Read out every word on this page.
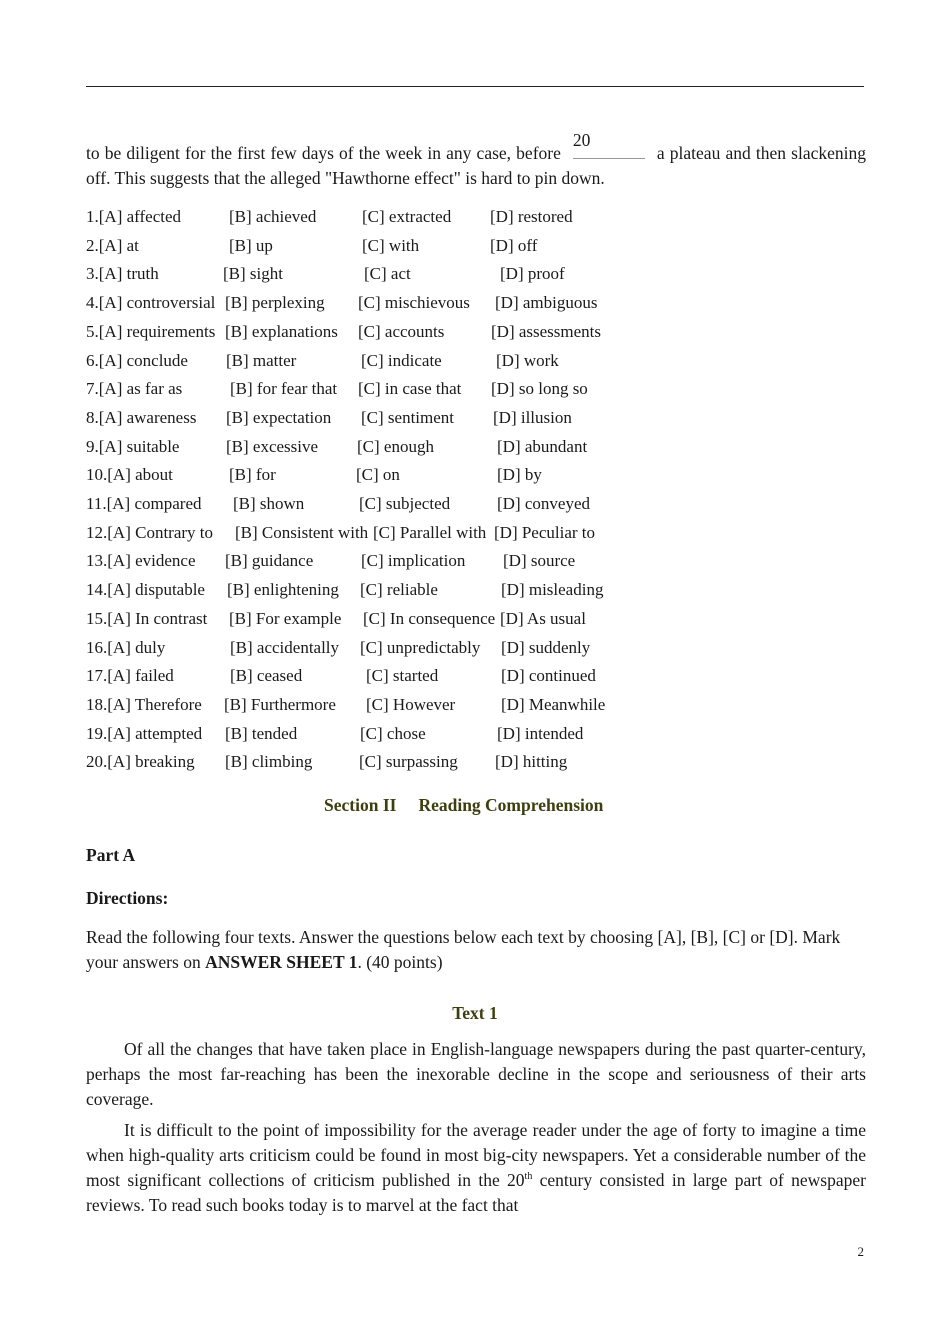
to be diligent for the first few days of the week in any case, before
20
a plateau and then slackening off. This suggests that the alleged "Hawthorne effect" is hard to pin down.
1.[A] affected	[B] achieved	[C] extracted [D] restored
2.[A] at	[B] up	[C] with	[D] off
3.[A] truth	[B] sight	[C] act	[D] proof
4.[A] controversial [B] perplexing [C] mischievous [D] ambiguous
5.[A] requirements [B] explanations [C] accounts	[D] assessments
6.[A] conclude [B] matter	[C] indicate	[D] work
7.[A] as far as	[B] for fear that [C] in case that [D] so long so
8.[A] awareness [B] expectation [C] sentiment [D] illusion
9.[A] suitable	[B] excessive [C] enough	[D] abundant
10.[A] about	[B] for	[C] on	[D] by
11.[A] compared [B] shown	[C] subjected	[D] conveyed
12.[A] Contrary to [B] Consistent with [C] Parallel with [D] Peculiar to
13.[A] evidence [B] guidance	[C] implication [D] source
14.[A] disputable [B] enlightening [C] reliable	[D] misleading
15.[A] In contrast [B] For example [C] In consequence [D] As usual
16.[A] duly	[B] accidentally [C] unpredictably [D] suddenly
17.[A] failed	[B] ceased	[C] started	[D] continued
18.[A] Therefore [B] Furthermore [C] However	[D] Meanwhile
19.[A] attempted [B] tended	[C] chose	[D] intended
20.[A] breaking [B] climbing	[C] surpassing [D] hitting
Section II Reading Comprehension
Part A
Directions:
Read the following four texts. Answer the questions below each text by choosing [A], [B], [C] or [D]. Mark your answers on ANSWER SHEET 1. (40 points)
Text 1
Of all the changes that have taken place in English-language newspapers during the past quarter-century, perhaps the most far-reaching has been the inexorable decline in the scope and seriousness of their arts coverage.
It is difficult to the point of impossibility for the average reader under the age of forty to imagine a time when high-quality arts criticism could be found in most big-city newspapers. Yet a considerable number of the most significant collections of criticism published in the 20th century consisted in large part of newspaper reviews. To read such books today is to marvel at the fact that
2
